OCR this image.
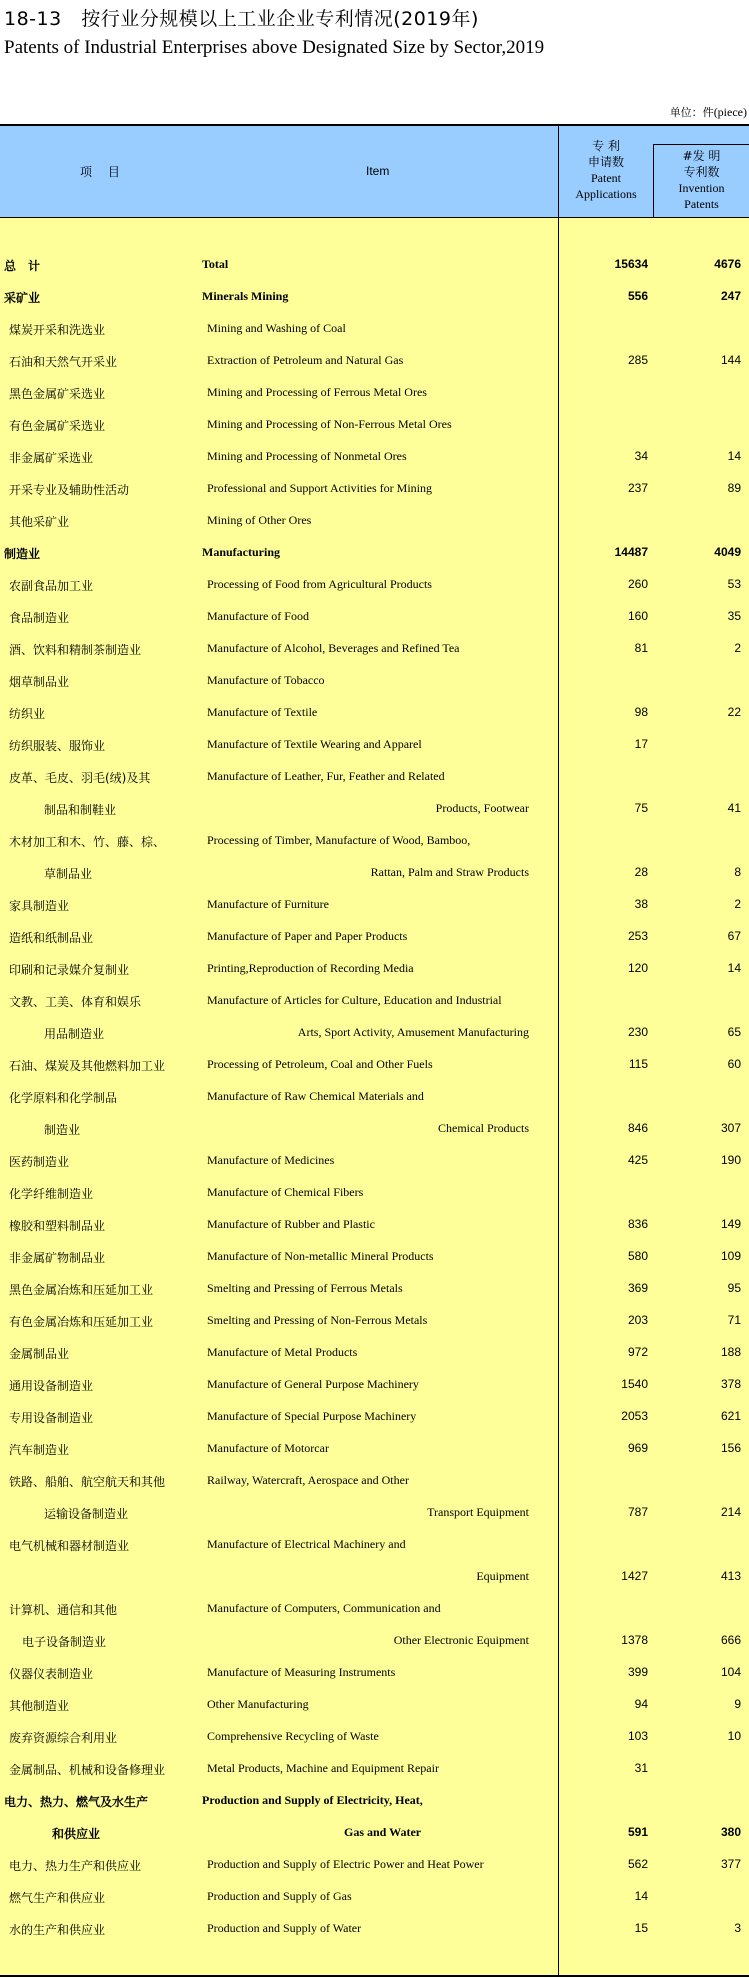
18-13　按行业分规模以上工业企业专利情况(2019年)
Patents of Industrial Enterprises above Designated Size by Sector,2019
单位：件(piece)
项 目	Item
专 利
申请数
Patent
Applications
#发 明
专利数
Invention
Patents
总　计	Total	15634	4676
采矿业	Minerals Mining	556	247
煤炭开采和洗选业	Mining and Washing of Coal
石油和天然气开采业	Extraction of Petroleum and Natural Gas	285	144
黑色金属矿采选业	Mining and Processing of Ferrous Metal Ores
有色金属矿采选业	Mining and Processing of Non-Ferrous Metal Ores
非金属矿采选业	Mining and Processing of Nonmetal Ores	34	14
开采专业及辅助性活动	Professional and Support Activities for Mining	237	89
其他采矿业	Mining of Other Ores
制造业	Manufacturing	14487	4049
农副食品加工业	Processing of Food from Agricultural Products	260	53
食品制造业	Manufacture of Food	160	35
酒、饮料和精制茶制造业	Manufacture of Alcohol, Beverages and Refined Tea	81	2
烟草制品业	Manufacture of Tobacco
纺织业	Manufacture of Textile	98	22
纺织服装、服饰业	Manufacture of Textile Wearing and Apparel	17
皮革、毛皮、羽毛(绒)及其	Manufacture of Leather, Fur, Feather and Related
制品和制鞋业	Products, Footwear	75	41
木材加工和木、竹、藤、棕、	Processing of Timber, Manufacture of Wood, Bamboo,
草制品业	Rattan, Palm and Straw Products	28	8
家具制造业	Manufacture of Furniture	38	2
造纸和纸制品业	Manufacture of Paper and Paper Products	253	67
印刷和记录媒介复制业	Printing,Reproduction of Recording Media	120	14
文教、工美、体育和娱乐	Manufacture of Articles for Culture, Education and Industrial
用品制造业	Arts, Sport Activity, Amusement Manufacturing	230	65
石油、煤炭及其他燃料加工业	Processing of Petroleum, Coal and Other Fuels	115	60
化学原料和化学制品	Manufacture of Raw Chemical Materials and
制造业	Chemical Products	846	307
医药制造业	Manufacture of Medicines	425	190
化学纤维制造业	Manufacture of Chemical Fibers
橡胶和塑料制品业	Manufacture of Rubber and Plastic	836	149
非金属矿物制品业	Manufacture of Non-metallic Mineral Products	580	109
黑色金属冶炼和压延加工业	Smelting and Pressing of Ferrous Metals	369	95
有色金属冶炼和压延加工业	Smelting and Pressing of Non-Ferrous Metals	203	71
金属制品业	Manufacture of Metal Products	972	188
通用设备制造业	Manufacture of General Purpose Machinery	1540	378
专用设备制造业	Manufacture of Special Purpose Machinery	2053	621
汽车制造业	Manufacture of Motorcar	969	156
铁路、船舶、航空航天和其他	Railway, Watercraft, Aerospace and Other
运输设备制造业	Transport Equipment	787	214
电气机械和器材制造业	Manufacture of Electrical Machinery and
Equipment	1427	413
计算机、通信和其他	Manufacture of Computers, Communication and
电子设备制造业	Other Electronic Equipment	1378	666
仪器仪表制造业	Manufacture of Measuring Instruments	399	104
其他制造业	Other Manufacturing	94	9
废弃资源综合利用业	Comprehensive Recycling of Waste	103	10
金属制品、机械和设备修理业	Metal Products, Machine and Equipment Repair	31
电力、热力、燃气及水生产	Production and Supply of Electricity, Heat,
和供应业	Gas and Water	591	380
电力、热力生产和供应业	Production and Supply of Electric Power and Heat Power	562	377
燃气生产和供应业	Production and Supply of Gas	14
水的生产和供应业	Production and Supply of Water	15	3
